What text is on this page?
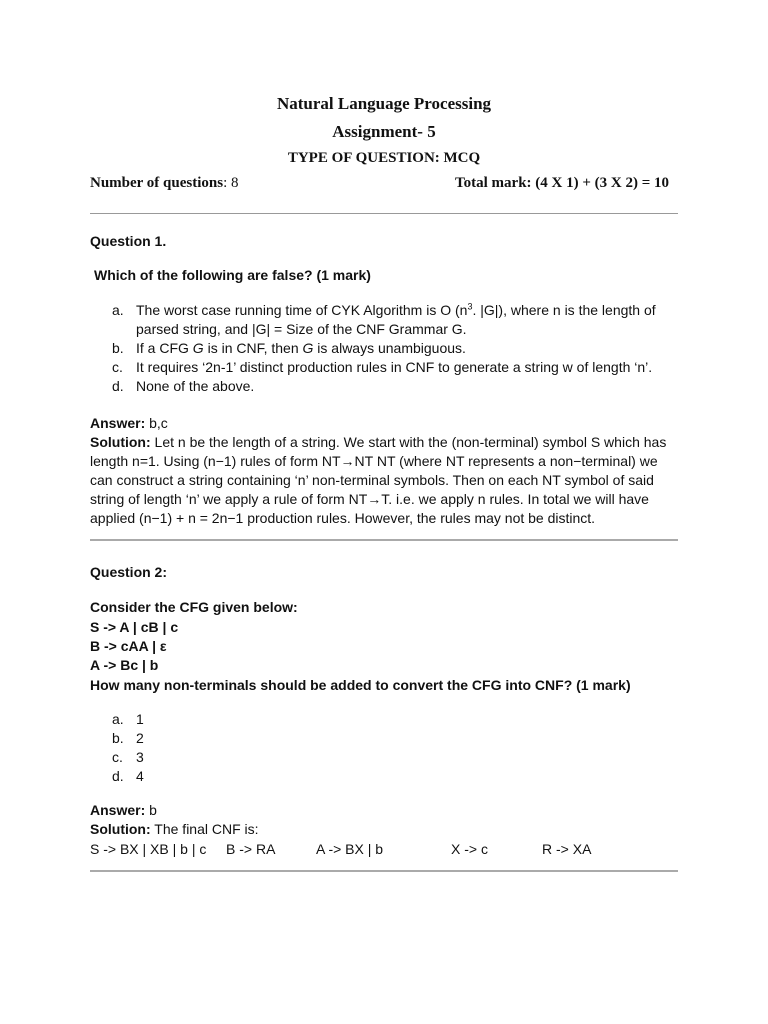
Natural Language Processing
Assignment- 5
TYPE OF QUESTION: MCQ
Number of questions: 8	Total mark: (4 X 1) + (3 X 2) = 10
Question 1.
Which of the following are false? (1 mark)
a. The worst case running time of CYK Algorithm is O ($n^3$. |G|), where n is the length of parsed string, and |G| = Size of the CNF Grammar G.
b. If a CFG G is in CNF, then G is always unambiguous.
c. It requires ‘2n-1’ distinct production rules in CNF to generate a string w of length ‘n’.
d. None of the above.
Answer: b,c
Solution: Let n be the length of a string. We start with the (non-terminal) symbol S which has length n=1. Using (n−1) rules of form NT→NT NT (where NT represents a non−terminal) we can construct a string containing ‘n’ non-terminal symbols. Then on each NT symbol of said string of length ‘n’ we apply a rule of form NT→T. i.e. we apply n rules. In total we will have applied (n−1) + n = 2n−1 production rules. However, the rules may not be distinct.
Question 2:
Consider the CFG given below:
S -> A | cB | c
B -> cAA | ε
A -> Bc | b
How many non-terminals should be added to convert the CFG into CNF? (1 mark)
a. 1
b. 2
c. 3
d. 4
Answer: b
Solution: The final CNF is:
S -> BX | XB | b | c B -> RA	A -> BX | b	X -> c	R -> XA
